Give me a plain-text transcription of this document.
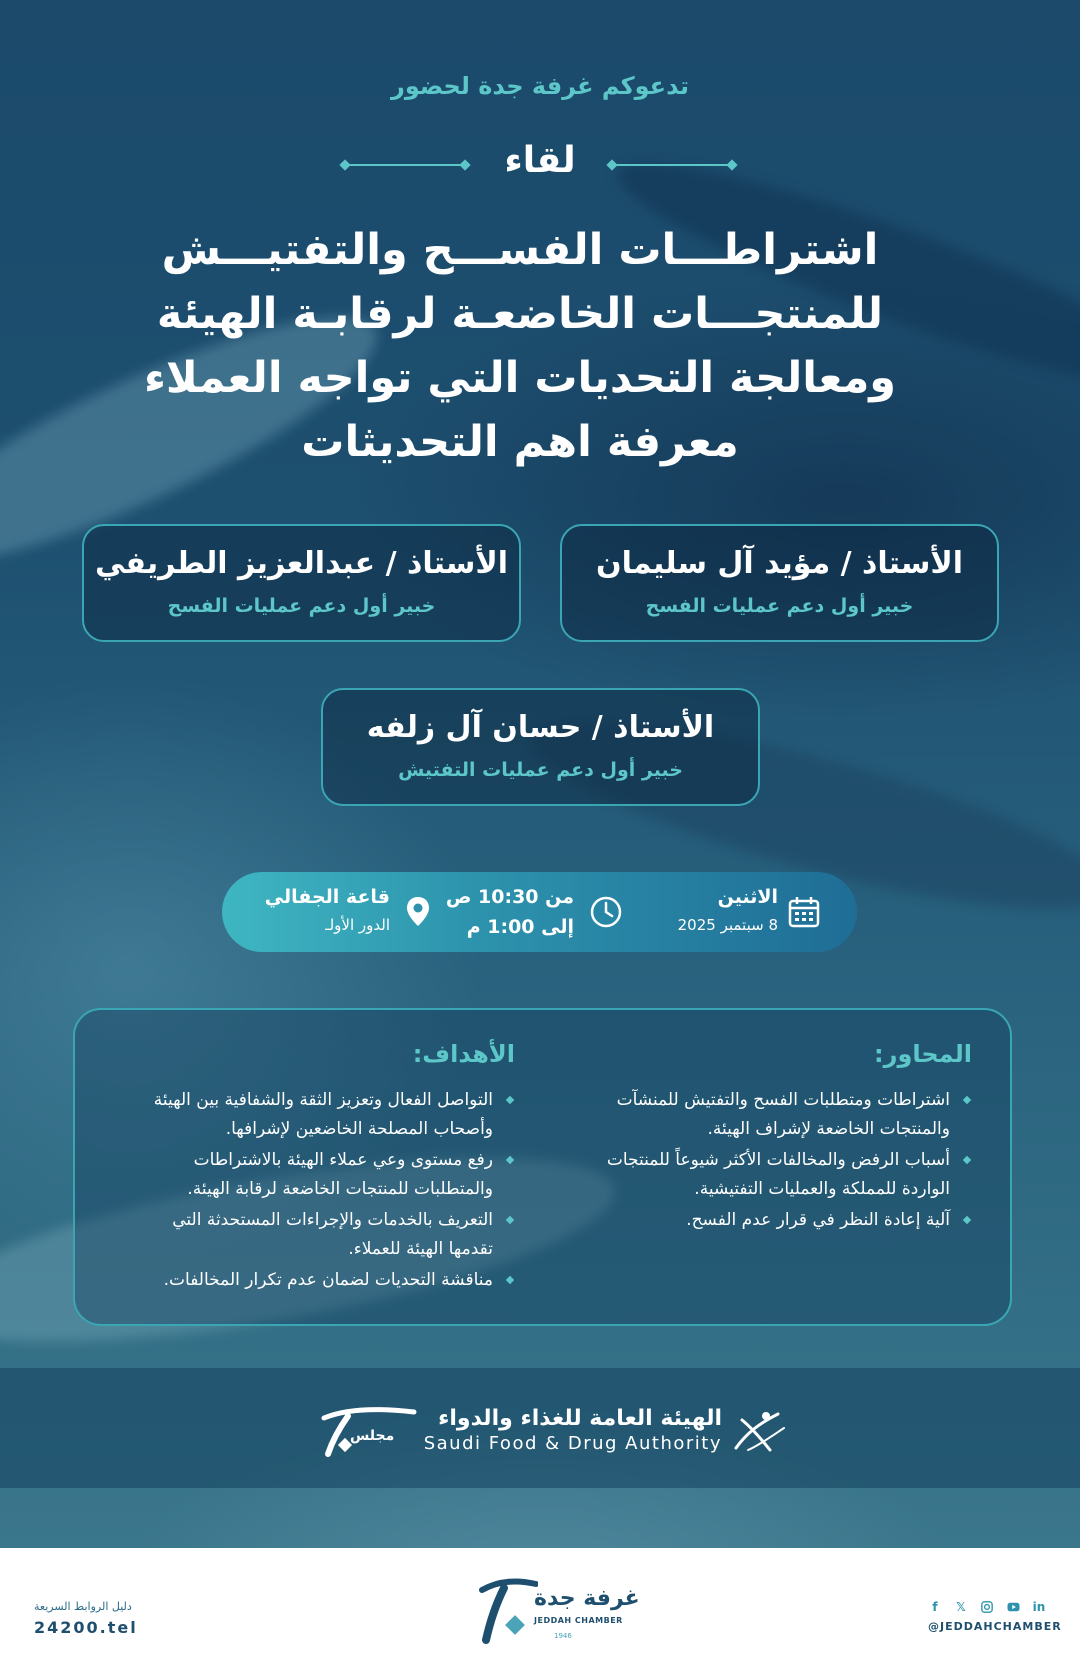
تدعوكم غرفة جدة لحضور
لقاء
اشتراطـــات الفســـح والتفتيـــش
للمنتجـــات الخاضعـة لرقابـة الهيئة
ومعالجة التحديات التي تواجه العملاء
معرفة اهم التحديثات
الأستاذ / مؤيد آل سليمان
خبير أول دعم عمليات الفسح
الأستاذ / عبدالعزيز الطريفي
خبير أول دعم عمليات الفسح
الأستاذ / حسان آل زلفه
خبير أول دعم عمليات التفتيش
الاثنين
8 سبتمبر 2025
من 10:30 ص
إلى 1:00 م
قاعة الجفالي
الدور الأولـ
المحاور:
اشتراطات ومتطلبات الفسح والتفتيش للمنشآت
والمنتجات الخاضعة لإشراف الهيئة.
أسباب الرفض والمخالفات الأكثر شيوعاً للمنتجات
الواردة للمملكة والعمليات التفتيشية.
آلية إعادة النظر في قرار عدم الفسح.
الأهداف:
التواصل الفعال وتعزيز الثقة والشفافية بين الهيئة
وأصحاب المصلحة الخاضعين لإشرافها.
رفع مستوى وعي عملاء الهيئة بالاشتراطات
والمتطلبات للمنتجات الخاضعة لرقابة الهيئة.
التعريف بالخدمات والإجراءات المستحدثة التي
تقدمها الهيئة للعملاء.
مناقشة التحديات لضمان عدم تكرار المخالفات.
الهيئة العامة للغذاء والدواء
Saudi Food & Drug Authority
مجلس
دليل الروابط السريعة
24200.tel
غرفة جدة
JEDDAH CHAMBER
1946
f	𝕏	in
@JEDDAHCHAMBER
